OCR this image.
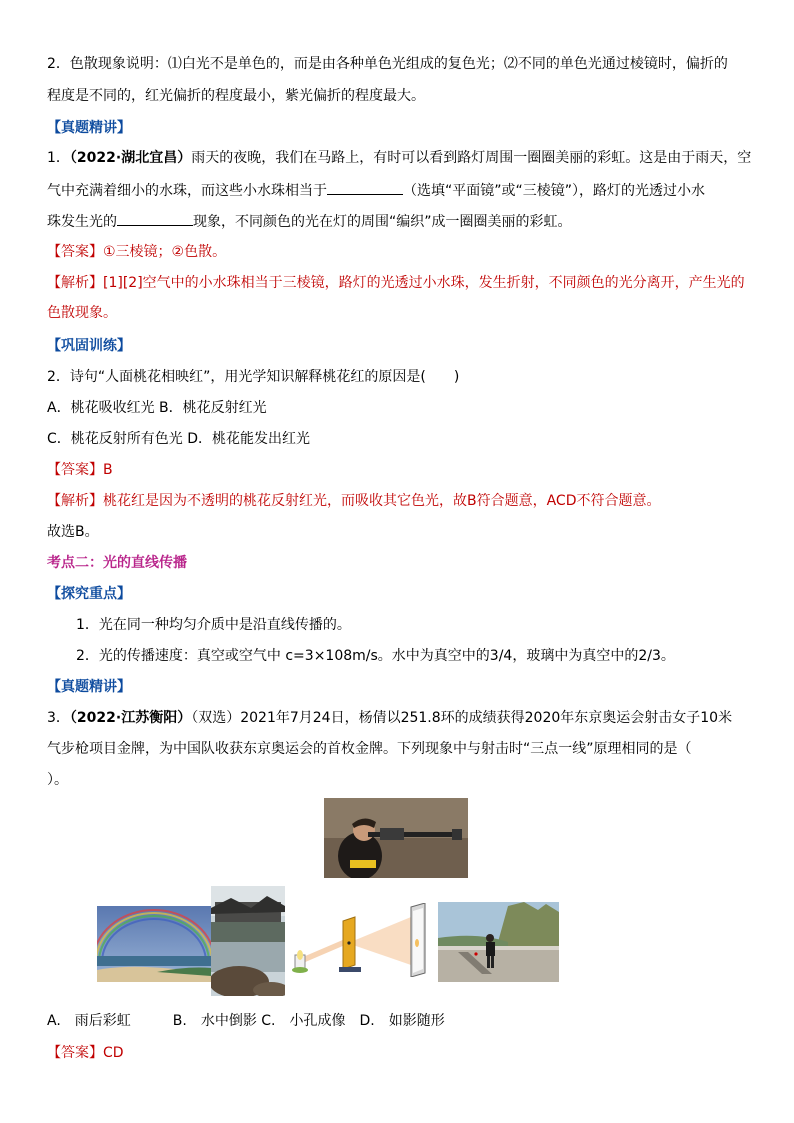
2．色散现象说明：⑴白光不是单色的，而是由各种单色光组成的复色光；⑵不同的单色光通过棱镜时，偏折的
程度是不同的，红光偏折的程度最小，紫光偏折的程度最大。
【真题精讲】
1．（2022·湖北宜昌）雨天的夜晚，我们在马路上，有时可以看到路灯周围一圈圈美丽的彩虹。这是由于雨天，空
气中充满着细小的水珠，而这些小水珠相当于	（选填“平面镜”或“三棱镜”），路灯的光透过小水
珠发生光的	现象，不同颜色的光在灯的周围“编织”成一圈圈美丽的彩虹。
【答案】①三棱镜；②色散。
【解析】[1][2]空气中的小水珠相当于三棱镜，路灯的光透过小水珠，发生折射，不同颜色的光分离开，产生光的
色散现象。
【巩固训练】
2．诗句“人面桃花相映红”，用光学知识解释桃花红的原因是(　　)
A．桃花吸收红光 B．桃花反射红光
C．桃花反射所有色光 D．桃花能发出红光
【答案】B
【解析】桃花红是因为不透明的桃花反射红光，而吸收其它色光，故B符合题意，ACD不符合题意。
故选B。
考点二：光的直线传播
【探究重点】
1．光在同一种均匀介质中是沿直线传播的。
2．光的传播速度：真空或空气中 c=3×108m/s。水中为真空中的3/4，玻璃中为真空中的2/3。
【真题精讲】
3．（2022·江苏衡阳）（双选）2021年7月24日，杨倩以251.8环的成绩获得2020年东京奥运会射击女子10米
气步枪项目金牌，为中国队收获东京奥运会的首枚金牌。下列现象中与射击时“三点一线”原理相同的是（
）。
A.　雨后彩虹　　　B.　水中倒影 C.　小孔成像　D.　如影随形
【答案】CD
